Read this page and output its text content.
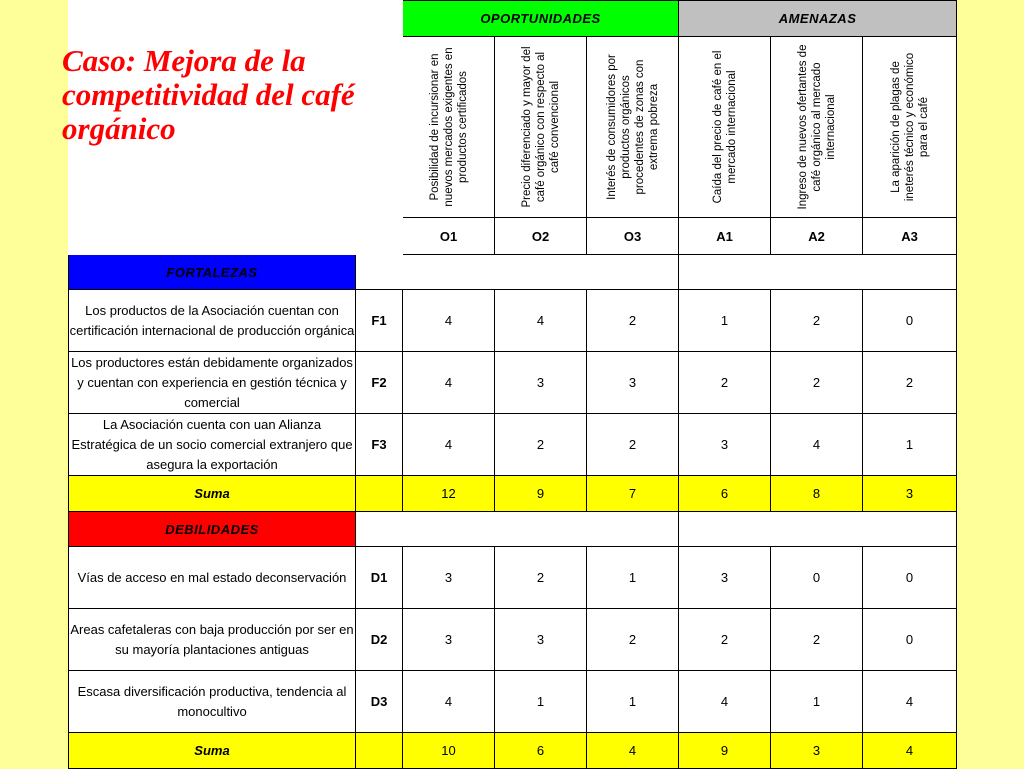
		OPORTUNIDADES			AMENAZAS		

		Posibilidad de incursionar en nuevos mercados exigentes en productos certificados	Precio diferenciado y mayor del café orgánico con respecto al café convencional	Interés de consumidores por productos orgánicos procedentes de zonas con extrema pobreza	Caída del precio de café en el mercado internacional	Ingreso de nuevos ofertantes de café orgánico al mercado internacional	La aparición de plagas de ineterés técnico y económico para el café

		O1	O2	O3	A1	A2	A3
FORTALEZAS							
Los productos de la Asociación cuentan con certificación internacional de producción orgánica	F1	4	4	2	1	2	0
Los productores están debidamente organizados y cuentan con experiencia en gestión técnica y comercial	F2	4	3	3	2	2	2
La Asociación cuenta con uan Alianza Estratégica de un socio comercial extranjero que asegura la exportación	F3	4	2	2	3	4	1
Suma		12	9	7	6	8	3
DEBILIDADES							
Vías de acceso en mal estado deconservación	D1	3	2	1	3	0	0
Areas cafetaleras con baja producción por ser en su mayoría plantaciones antiguas	D2	3	3	2	2	2	0
Escasa diversificación productiva, tendencia al monocultivo	D3	4	1	1	4	1	4
Suma		10	6	4	9	3	4
Caso: Mejora de la competitividad del café orgánico
